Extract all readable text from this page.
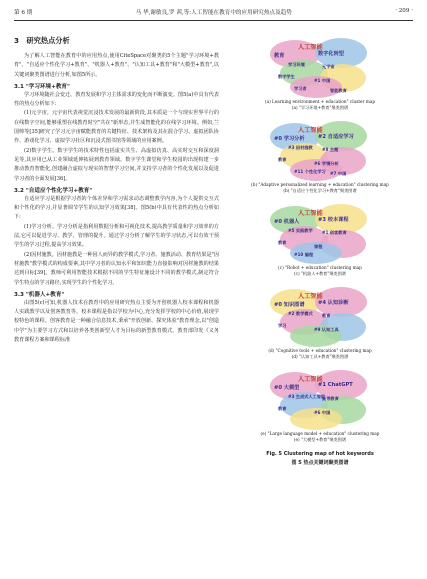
第 6 期	马 华,谢敏良,罗 茜,等:人工智能在教育中的应用研究热点及趋势	· 209 ·
3 研究热点分析

为了解人工智能在教育中的应用热点,使用CiteSpace对聚类的5个主题"学习环境+教育"、"自适应个性化学习+教育"、"机器人+教育"、"认知工具+教育"和"大模型+教育",以关键词聚类图谱进行分析,如图5所示。

3.1 "学习环境+教育"

学习环境随社会变迁、教育发展和学习主体需求的变化而不断演变。图5(a)中具有代表性的热点分析如下:

(1)元宇宙。元宇宙代表视觉沉浸技术发展的最新阶段,其本质是一个与现实世界平行的在线数字空间,能够重塑在线教育时空"共在"新形态,并生成智能化的在线学习环境。例如,兰国帅等[35]研究了学习元宇宙赋能教育的关键特征、技术架构及其在混合学习、虚拟团队协作、游戏化学习、虚拟学习社区和沉浸式图书馆等领域的应用案例。

(2)数字学生。数字学生的技术特性包括虚实共生、高虚拟仿真、高实时交互和深度洞见等,其应用已从工业领域延伸拓展到教育领域。数字学生课堂和学生校园的出现构建一步推动教育智能化,创建融合虚拟与现实的智慧学习空间,并支持学习者的个性化发展以及促进学习者的全面发展[36]。

3.2 "自适应个性化学习+教育"

自适应学习是根据学习者的个体差异和学习需求动态调整教学内容,为个人提供交互式和个性化的学习,并显著调节学生的认知学习效果[38]。图5(b)中具有代表性的热点分析如下:

(1)学习分析。学习分析是指利用数据分析和可视化技术,提高教学质量和学习效率的方法,它可以促进学习、教学、管理的提升。通过学习分析了解学生的学习状态,可以有效干预学生的学习过程,提高学习效果。

(2)因材施教。因材施教是一种因人而异的教学模式,学习者、施教活动、教育结果是"因材施教"教学模式的构成要素,其中学习者的认知水平和知识能力直接影响对因材施教的结果达到目标[39]。教师可利用智能技术根据不同的学生特征施设计不同的教学模式,制定符合学生特点的学习路径,实现学生的个性化学习。

3.3 "机器人+教育"

由图5(c)可知,机器人技术在教育中的应用研究热点主要为开创机器人校本课程和机器人实践教学以及创客教育等。校本课程是指以学校为中心,充分发挥学校的中心价值,展现学校特色的课程。创客教育是一种融合信息技术,秉承"开放创新、探究体验"教育理念,以"创造中学"为主要学习方式和以培养各类创新型人才为目标的新型教育模式。教育部印发《义务教育课程方案和课程标准

人工智能
教育	数字化转型
学习环境	元宇宙
数字学生
#1 中国
学习者	智能教育
(a) Learning environment + education" cluster map
(a) "学习环境+教育"聚类图谱
人工智能
#0 学习分析	#2 自适应学习
#3 因材施教 #8 主题
教育
#6 学情分析
#11 个性化学习 #7 中国
(b) "Adaptive personalized learning + education" clustering map
(b) "自适应个性化学习+教育"聚类图谱
人工智能
#0 机器人	#3 校本课程
#5 实践教学 #1 创客教育
教育
课程
#10 编程
(c) "Robot + education" clustering map
(c) "机器人+教育"聚类图谱
人工智能
#0 知识图谱	#4 认知诊断
#2 教学模式 教育
学习
#9 认知工具
(d) "Cognitive tools + education" clustering map
(d) "认知工具+教育"聚类图谱
人工智能
#0 大模型	#1 ChatGPT
#3 生成式人工智能
高等教育
教育
#6 中国
(e) "Large language model + education" clustering map
(e) "大模型+教育"聚类图谱
Fig. 5 Clustering map of hot keywords
图 5 热点关键词聚类图谱
